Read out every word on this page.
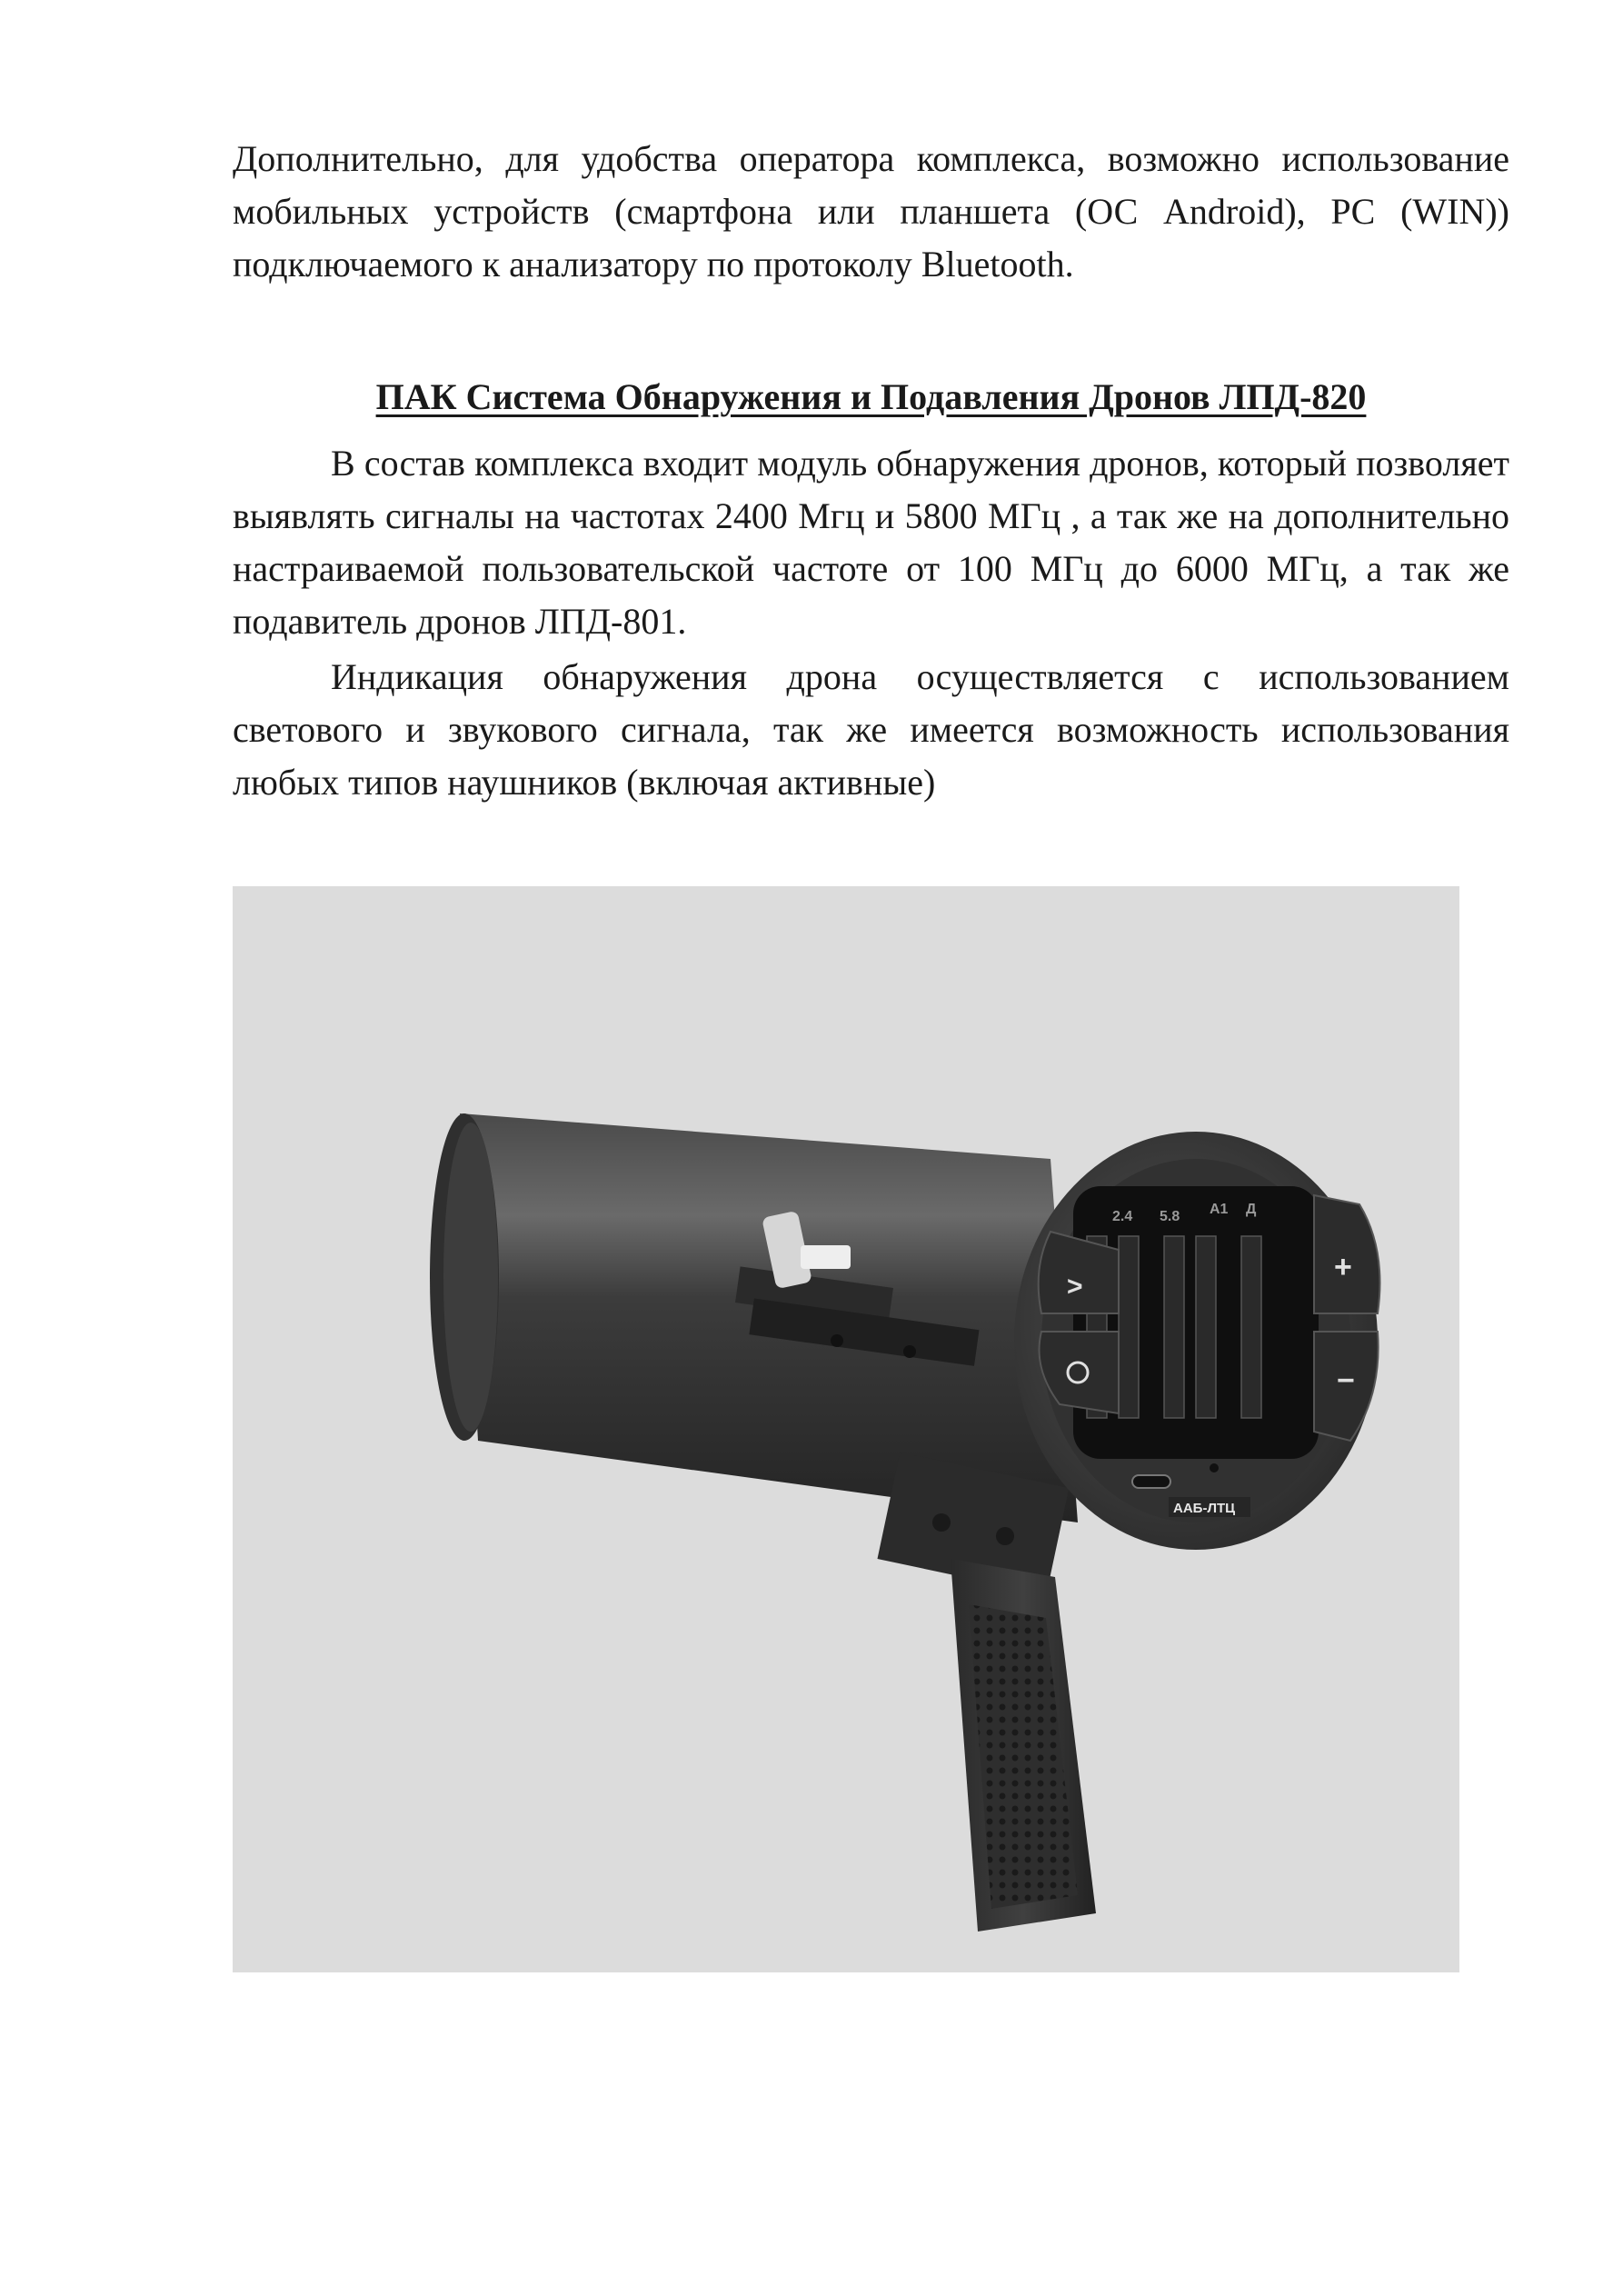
Дополнительно, для удобства оператора комплекса, возможно использование мобильных устройств (смартфона или планшета (ОС Android), PC (WIN)) подключаемого к анализатору по протоколу Bluetooth.

ПАК Система Обнаружения и Подавления Дронов ЛПД-820

В состав комплекса входит модуль обнаружения дронов, который позволяет выявлять сигналы на частотах 2400 Мгц и 5800 МГц , а так же на дополнительно настраиваемой пользовательской частоте от 100 МГц до 6000 МГц, а так же подавитель дронов ЛПД-801.

Индикация обнаружения дрона осуществляется с использованием светового и звукового сигнала, так же имеется возможность использования любых типов наушников (включая активные)

2.4 5.8 A1 Д
>
+
−
ААБ-ЛТЦ
